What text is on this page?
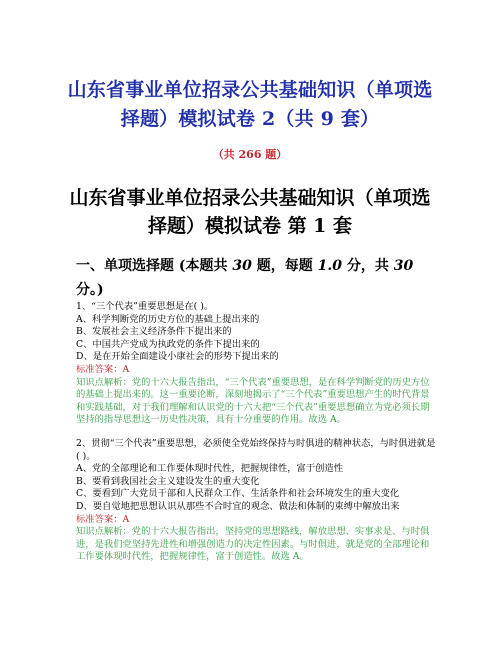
山东省事业单位招录公共基础知识（单项选择题）模拟试卷 2（共 9 套）
（共 266 题）
山东省事业单位招录公共基础知识（单项选择题）模拟试卷 第 1 套
一、单项选择题 (本题共 30 题，每题 1.0 分，共 30 分。)
1、“三个代表”重要思想是在( )。
A、科学判断党的历史方位的基础上提出来的
B、发展社会主义经济条件下提出来的
C、中国共产党成为执政党的条件下提出来的
D、是在开始全面建设小康社会的形势下提出来的
标准答案：A
知识点解析：党的十六大报告指出，“三个代表”重要思想，是在科学判断党的历史方位的基础上提出来的。这一重要论断，深刻地揭示了“三个代表”重要思想产生的时代背景和实践基础，对于我们理解和认识党的十六大把“三个代表”重要思想确立为党必须长期坚持的指导思想这一历史性决策，具有十分重要的作用。故选 A。
2、贯彻“三个代表”重要思想，必须使全党始终保持与时俱进的精神状态，与时俱进就是( )。
A、党的全部理论和工作要体现时代性，把握规律性，富于创造性
B、要看到我国社会主义建设发生的重大变化
C、要看到广大党员干部和人民群众工作、生活条件和社会环境发生的重大变化
D、要自觉地把思想认识从那些不合时宜的观念、做法和体制的束缚中解放出来
标准答案：A
知识点解析：党的十六大报告指出，坚持党的思想路线，解放思想、实事求是、与时俱进，是我们党坚持先进性和增强创造力的决定性因素。与时俱进，就是党的全部理论和工作要体现时代性，把握规律性，富于创造性。故选 A。
